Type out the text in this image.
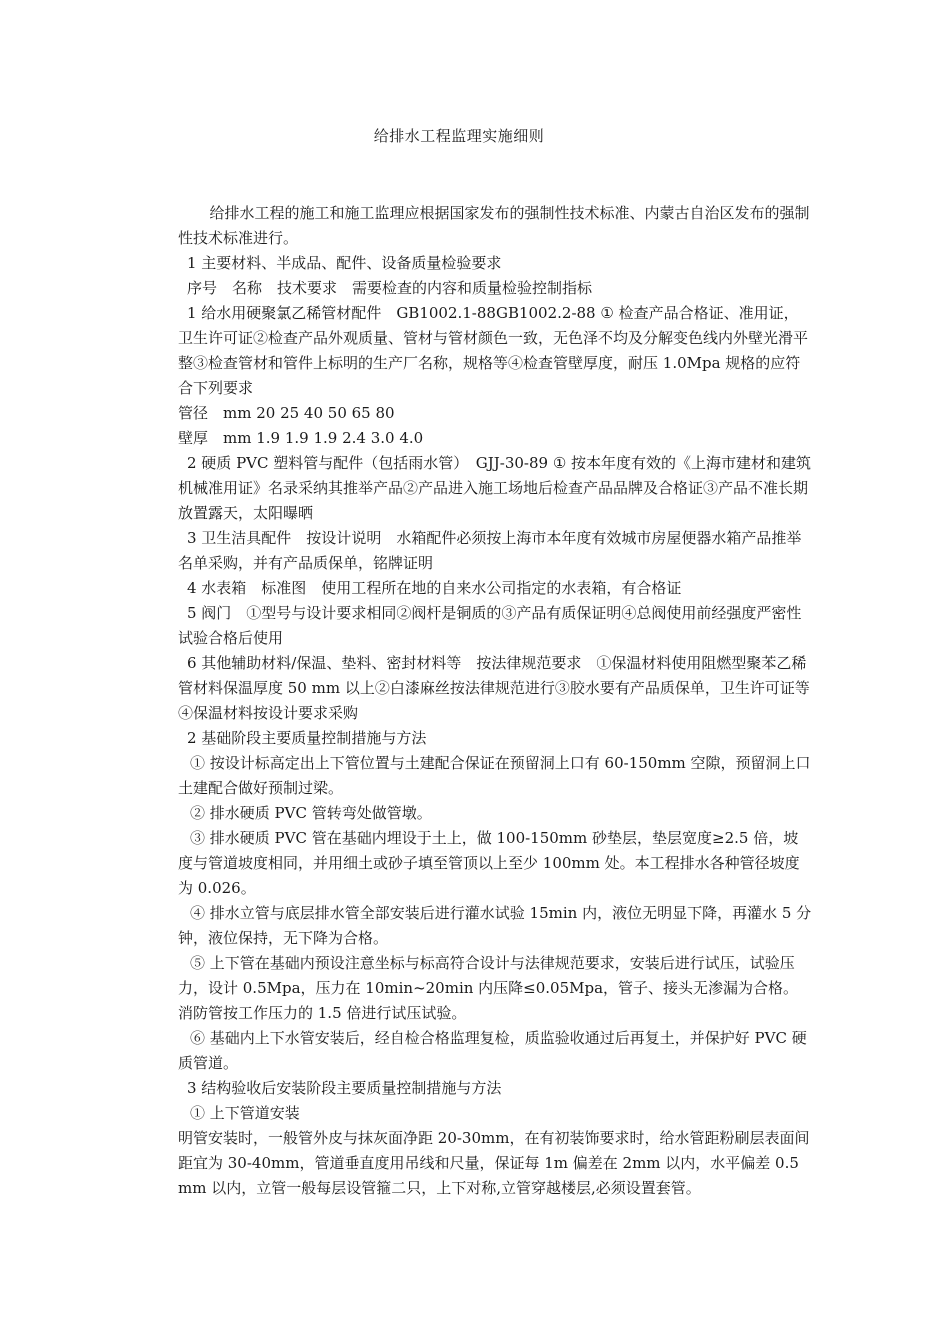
给排水工程监理实施细则

给排水工程的施工和施工监理应根据国家发布的强制性技术标准、内蒙古自治区发布的强制性技术标准进行。

1 主要材料、半成品、配件、设备质量检验要求

序号　名称　技术要求　需要检查的内容和质量检验控制指标

1 给水用硬聚氯乙稀管材配件　GB1002.1-88GB1002.2-88 ① 检查产品合格证、准用证，卫生许可证②检查产品外观质量、管材与管材颜色一致，无色泽不均及分解变色线内外壁光滑平整③检查管材和管件上标明的生产厂名称，规格等④检查管壁厚度，耐压 1.0Mpa 规格的应符合下列要求

管径　mm 20 25 40 50 65 80

壁厚　mm 1.9 1.9 1.9 2.4 3.0 4.0

2 硬质 PVC 塑料管与配件（包括雨水管）　GJJ-30-89 ① 按本年度有效的《上海市建材和建筑机械准用证》名录采纳其推举产品②产品进入施工场地后检查产品品牌及合格证③产品不准长期放置露天，太阳曝晒

3 卫生洁具配件　按设计说明　水箱配件必须按上海市本年度有效城市房屋便器水箱产品推举名单采购，并有产品质保单，铭牌证明

4 水表箱　标准图　使用工程所在地的自来水公司指定的水表箱，有合格证

5 阀门　①型号与设计要求相同②阀杆是铜质的③产品有质保证明④总阀使用前经强度严密性试验合格后使用

6 其他辅助材料/保温、垫料、密封材料等　按法律规范要求　①保温材料使用阻燃型聚苯乙稀管材料保温厚度 50 mm 以上②白漆麻丝按法律规范进行③胶水要有产品质保单，卫生许可证等④保温材料按设计要求采购

2 基础阶段主要质量控制措施与方法

① 按设计标高定出上下管位置与土建配合保证在预留洞上口有 60-150mm 空隙，预留洞上口土建配合做好预制过梁。

② 排水硬质 PVC 管转弯处做管墩。

③ 排水硬质 PVC 管在基础内埋设于土上，做 100-150mm 砂垫层，垫层宽度≥2.5 倍，坡度与管道坡度相同，并用细土或砂子填至管顶以上至少 100mm 处。本工程排水各种管径坡度为 0.026。

④ 排水立管与底层排水管全部安装后进行灌水试验 15min 内，液位无明显下降，再灌水 5 分钟，液位保持，无下降为合格。

⑤ 上下管在基础内预设注意坐标与标高符合设计与法律规范要求，安装后进行试压，试验压力，设计 0.5Mpa，压力在 10min~20min 内压降≤0.05Mpa，管子、接头无渗漏为合格。消防管按工作压力的 1.5 倍进行试压试验。

⑥ 基础内上下水管安装后，经自检合格监理复检，质监验收通过后再复土，并保护好 PVC 硬质管道。

3 结构验收后安装阶段主要质量控制措施与方法

① 上下管道安装

明管安装时，一般管外皮与抹灰面净距 20-30mm，在有初装饰要求时，给水管距粉刷层表面间距宜为 30-40mm，管道垂直度用吊线和尺量，保证每 1m 偏差在 2mm 以内，水平偏差 0.5mm 以内，立管一般每层设管箍二只，上下对称,立管穿越楼层,必须设置套管。
